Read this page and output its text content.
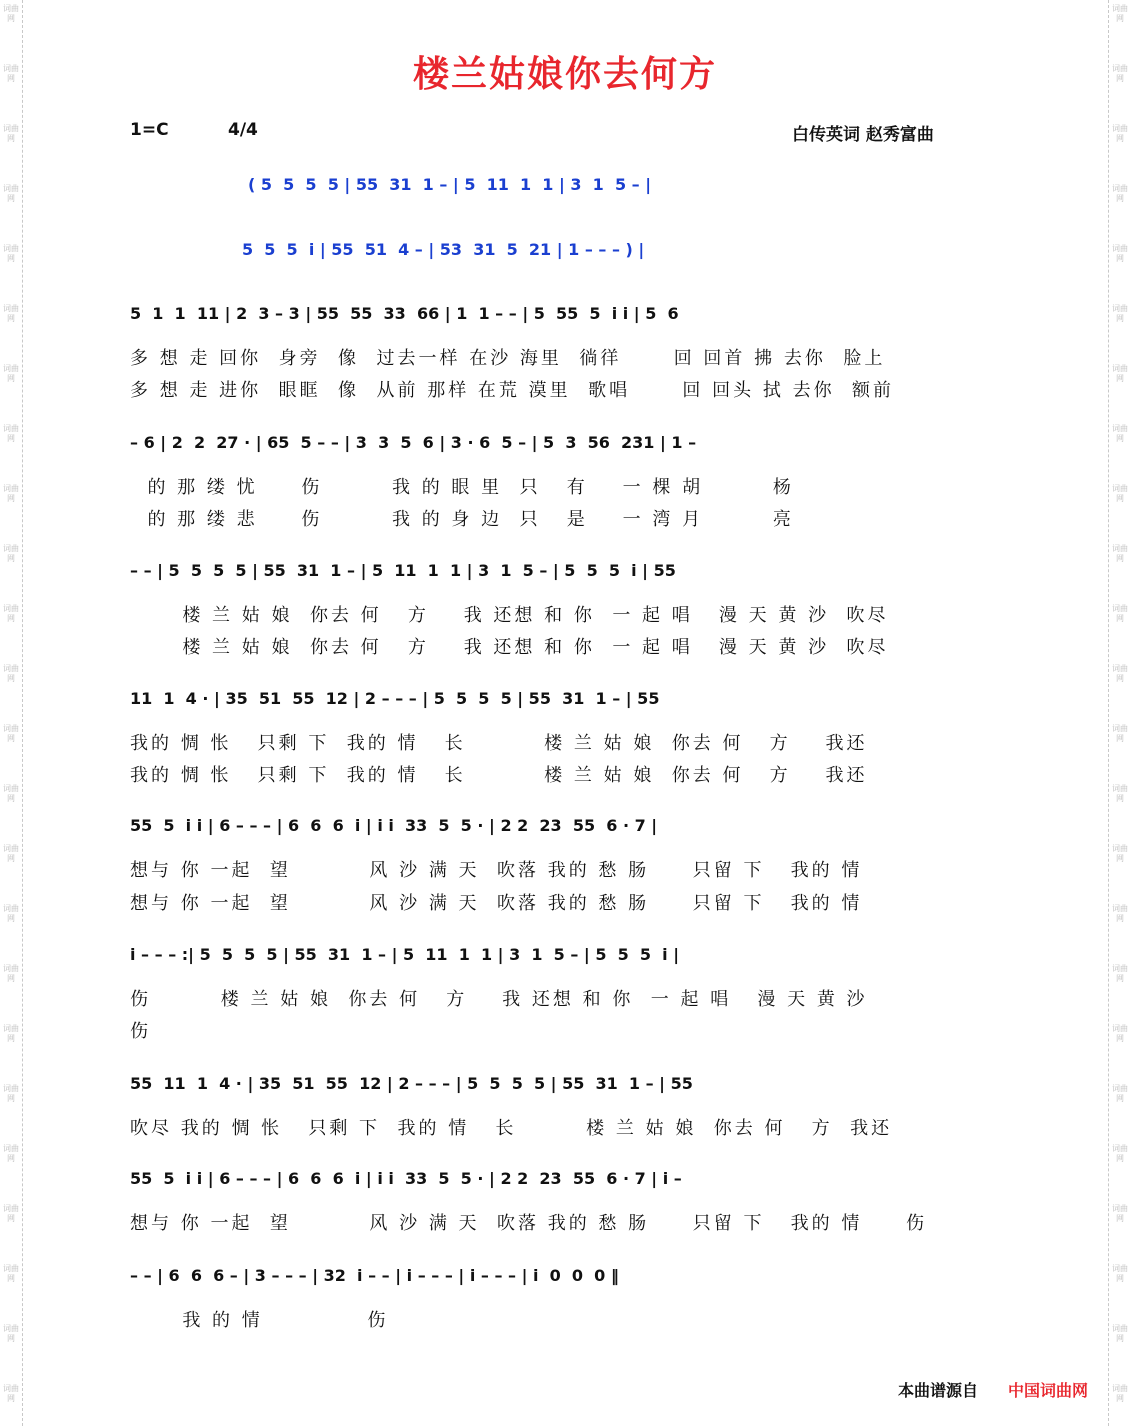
词曲网
词曲网
词曲网
词曲网
词曲网
词曲网
词曲网
词曲网
词曲网
词曲网
词曲网
词曲网
词曲网
词曲网
词曲网
词曲网
词曲网
词曲网
词曲网
词曲网
词曲网
词曲网
词曲网
词曲网
词曲网
词曲网
词曲网
词曲网
词曲网
词曲网
词曲网
词曲网
词曲网
词曲网
词曲网
词曲网
词曲网
词曲网
词曲网
词曲网
词曲网
词曲网
词曲网
词曲网
词曲网
词曲网
词曲网
词曲网
楼兰姑娘你去何方
1=C	4/4	白传英词 赵秀富曲
( 5  5  5  5 | 55  31  1 – | 5  11  1  1 | 3  1  5 – |
5  5  5  i | 55  51  4 – | 53  31  5  21 | 1 – – – ) |
5  1  1  11 | 2  3 – 3 | 55  55  33  66 | 1  1 – – | 5  55  5  i i | 5  6
多 想 走 回你  身旁  像  过去一样 在沙 海里  徜徉      回 回首 拂 去你  脸上
多 想 走 进你  眼眶  像  从前 那样 在荒 漠里  歌唱      回 回头 拭 去你  额前
– 6 | 2  2  27 · | 65  5 – – | 3  3  5  6 | 3 · 6  5 – | 5  3  56  231 | 1 –
的 那 缕 忧     伤        我 的 眼 里  只   有    一 棵 胡        杨
的 那 缕 悲     伤        我 的 身 边  只   是    一 湾 月        亮
– – | 5  5  5  5 | 55  31  1 – | 5  11  1  1 | 3  1  5 – | 5  5  5  i | 55
楼 兰 姑 娘  你去 何   方    我 还想 和 你  一 起 唱   漫 天 黄 沙  吹尽
楼 兰 姑 娘  你去 何   方    我 还想 和 你  一 起 唱   漫 天 黄 沙  吹尽
11  1  4 · | 35  51  55  12 | 2 – – – | 5  5  5  5 | 55  31  1 – | 55
我的 惆 怅   只剩 下  我的 情   长         楼 兰 姑 娘  你去 何   方    我还
我的 惆 怅   只剩 下  我的 情   长         楼 兰 姑 娘  你去 何   方    我还
55  5  i i | 6 – – – | 6  6  6  i | i i  33  5  5 · | 2 2  23  55  6 · 7 |
想与 你 一起  望         风 沙 满 天  吹落 我的 愁 肠     只留 下   我的 情
想与 你 一起  望         风 沙 满 天  吹落 我的 愁 肠     只留 下   我的 情
i – – – :| 5  5  5  5 | 55  31  1 – | 5  11  1  1 | 3  1  5 – | 5  5  5  i |
伤        楼 兰 姑 娘  你去 何   方    我 还想 和 你  一 起 唱   漫 天 黄 沙
伤
55  11  1  4 · | 35  51  55  12 | 2 – – – | 5  5  5  5 | 55  31  1 – | 55
吹尽 我的 惆 怅   只剩 下  我的 情   长        楼 兰 姑 娘  你去 何   方  我还
55  5  i i | 6 – – – | 6  6  6  i | i i  33  5  5 · | 2 2  23  55  6 · 7 | i –
想与 你 一起  望         风 沙 满 天  吹落 我的 愁 肠     只留 下   我的 情     伤
– – | 6  6  6 – | 3 – – – | 32  i – – | i – – – | i – – – | i  0  0  0 ‖
我 的 情            伤
本曲谱源自 中国词曲网
